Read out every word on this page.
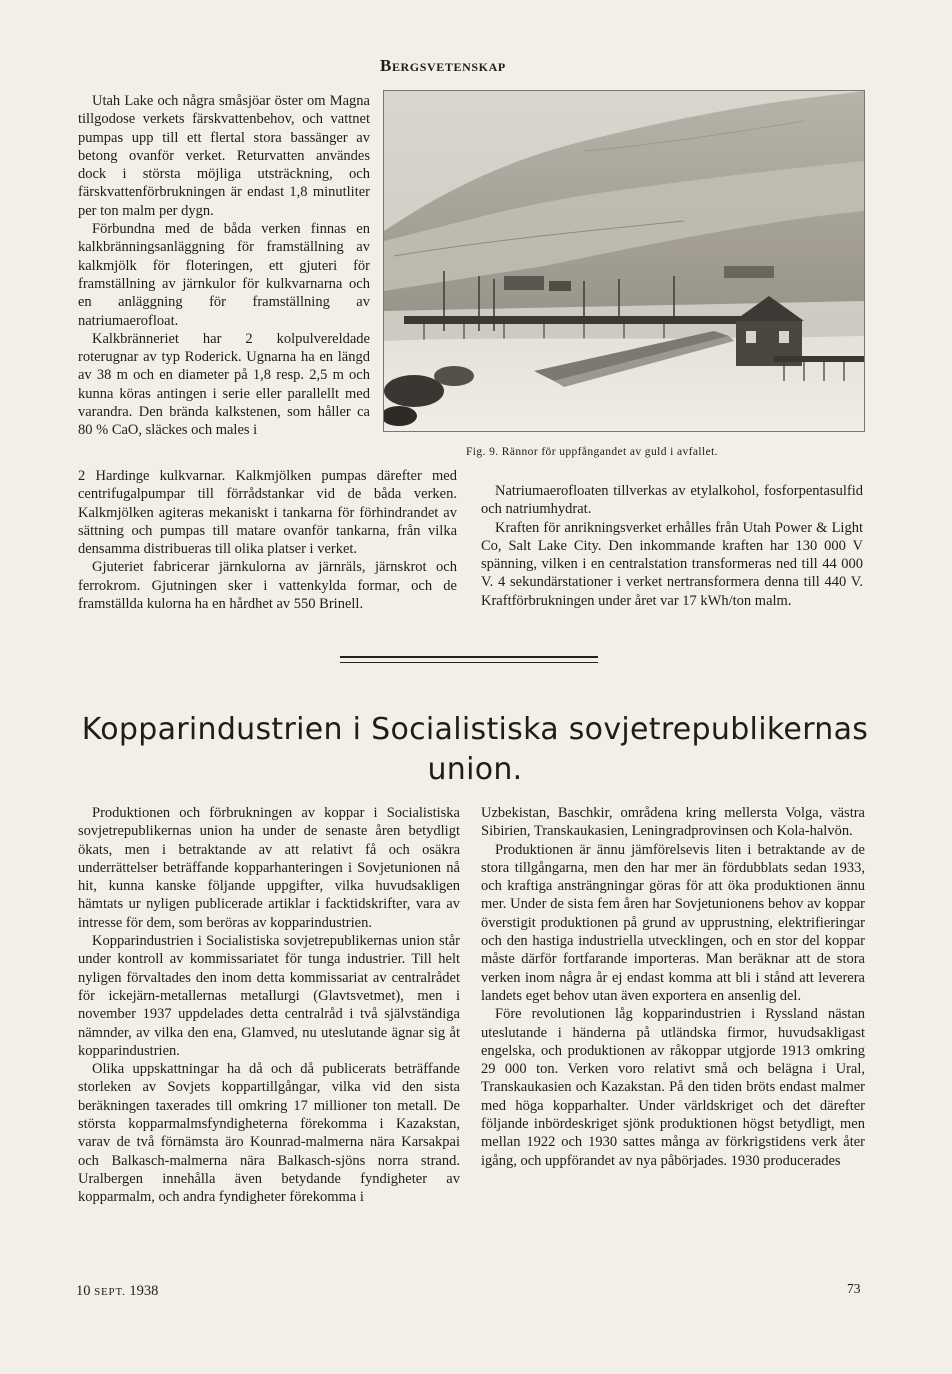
Bergsvetenskap

Utah Lake och några småsjöar öster om Magna tillgodose verkets färskvattenbehov, och vattnet pumpas upp till ett flertal stora bassänger av betong ovanför verket. Returvatten användes dock i största möjliga utsträckning, och färskvattenförbrukningen är endast 1,8 minutliter per ton malm per dygn.

Förbundna med de båda verken finnas en kalkbränningsanläggning för framställning av kalkmjölk för floteringen, ett gjuteri för framställning av järnkulor för kulkvarnarna och en anläggning för framställning av natriumaerofloat.

Kalkbränneriet har 2 kolpulvereldade roterugnar av typ Roderick. Ugnarna ha en längd av 38 m och en diameter på 1,8 resp. 2,5 m och kunna köras antingen i serie eller parallellt med varandra. Den brända kalkstenen, som håller ca 80 % CaO, släckes och males i

2 Hardinge kulkvarnar. Kalkmjölken pumpas därefter med centrifugalpumpar till förrådstankar vid de båda verken. Kalkmjölken agiteras mekaniskt i tankarna för förhindrandet av sättning och pumpas till matare ovanför tankarna, från vilka densamma distribueras till olika platser i verket.

Gjuteriet fabricerar järnkulorna av järnräls, järnskrot och ferrokrom. Gjutningen sker i vattenkylda formar, och de framställda kulorna ha en hårdhet av 550 Brinell.

Fig. 9. Rännor för uppfångandet av guld i avfallet.

Natriumaerofloaten tillverkas av etylalkohol, fosforpentasulfid och natriumhydrat.

Kraften för anrikningsverket erhålles från Utah Power & Light Co, Salt Lake City. Den inkommande kraften har 130 000 V spänning, vilken i en centralstation transformeras ned till 44 000 V. 4 sekundärstationer i verket nertransformera denna till 440 V. Kraftförbrukningen under året var 17 kWh/ton malm.

Kopparindustrien i Socialistiska sovjetrepublikernas union.

Produktionen och förbrukningen av koppar i Socialistiska sovjetrepublikernas union ha under de senaste åren betydligt ökats, men i betraktande av att relativt få och osäkra underrättelser beträffande kopparhanteringen i Sovjetunionen nå hit, kunna kanske följande uppgifter, vilka huvudsakligen hämtats ur nyligen publicerade artiklar i facktidskrifter, vara av intresse för dem, som beröras av kopparindustrien.

Kopparindustrien i Socialistiska sovjetrepublikernas union står under kontroll av kommissariatet för tunga industrier. Till helt nyligen förvaltades den inom detta kommissariat av centralrådet för ickejärn-metallernas metallurgi (Glavtsvetmet), men i november 1937 uppdelades detta centralråd i två självständiga nämnder, av vilka den ena, Glamved, nu uteslutande ägnar sig åt kopparindustrien.

Olika uppskattningar ha då och då publicerats beträffande storleken av Sovjets koppartillgångar, vilka vid den sista beräkningen taxerades till omkring 17 millioner ton metall. De största kopparmalmsfyndigheterna förekomma i Kazakstan, varav de två förnämsta äro Kounrad-malmerna nära Karsakpai och Balkasch-malmerna nära Balkasch-sjöns norra strand. Uralbergen innehålla även betydande fyndigheter av kopparmalm, och andra fyndigheter förekomma i

Uzbekistan, Baschkir, områdena kring mellersta Volga, västra Sibirien, Transkaukasien, Leningradprovinsen och Kola-halvön.

Produktionen är ännu jämförelsevis liten i betraktande av de stora tillgångarna, men den har mer än fördubblats sedan 1933, och kraftiga ansträngningar göras för att öka produktionen ännu mer. Under de sista fem åren har Sovjetunionens behov av koppar överstigit produktionen på grund av upprustning, elektrifieringar och den hastiga industriella utvecklingen, och en stor del koppar måste därför fortfarande importeras. Man beräknar att de stora verken inom några år ej endast komma att bli i stånd att leverera landets eget behov utan även exportera en ansenlig del.

Före revolutionen låg kopparindustrien i Ryssland nästan uteslutande i händerna på utländska firmor, huvudsakligast engelska, och produktionen av råkoppar utgjorde 1913 omkring 29 000 ton. Verken voro relativt små och belägna i Ural, Transkaukasien och Kazakstan. På den tiden bröts endast malmer med höga kopparhalter. Under världskriget och det därefter följande inbördeskriget sjönk produktionen högst betydligt, men mellan 1922 och 1930 sattes många av förkrigstidens verk åter igång, och uppförandet av nya påbörjades. 1930 producerades

10 SEPT. 1938	73
